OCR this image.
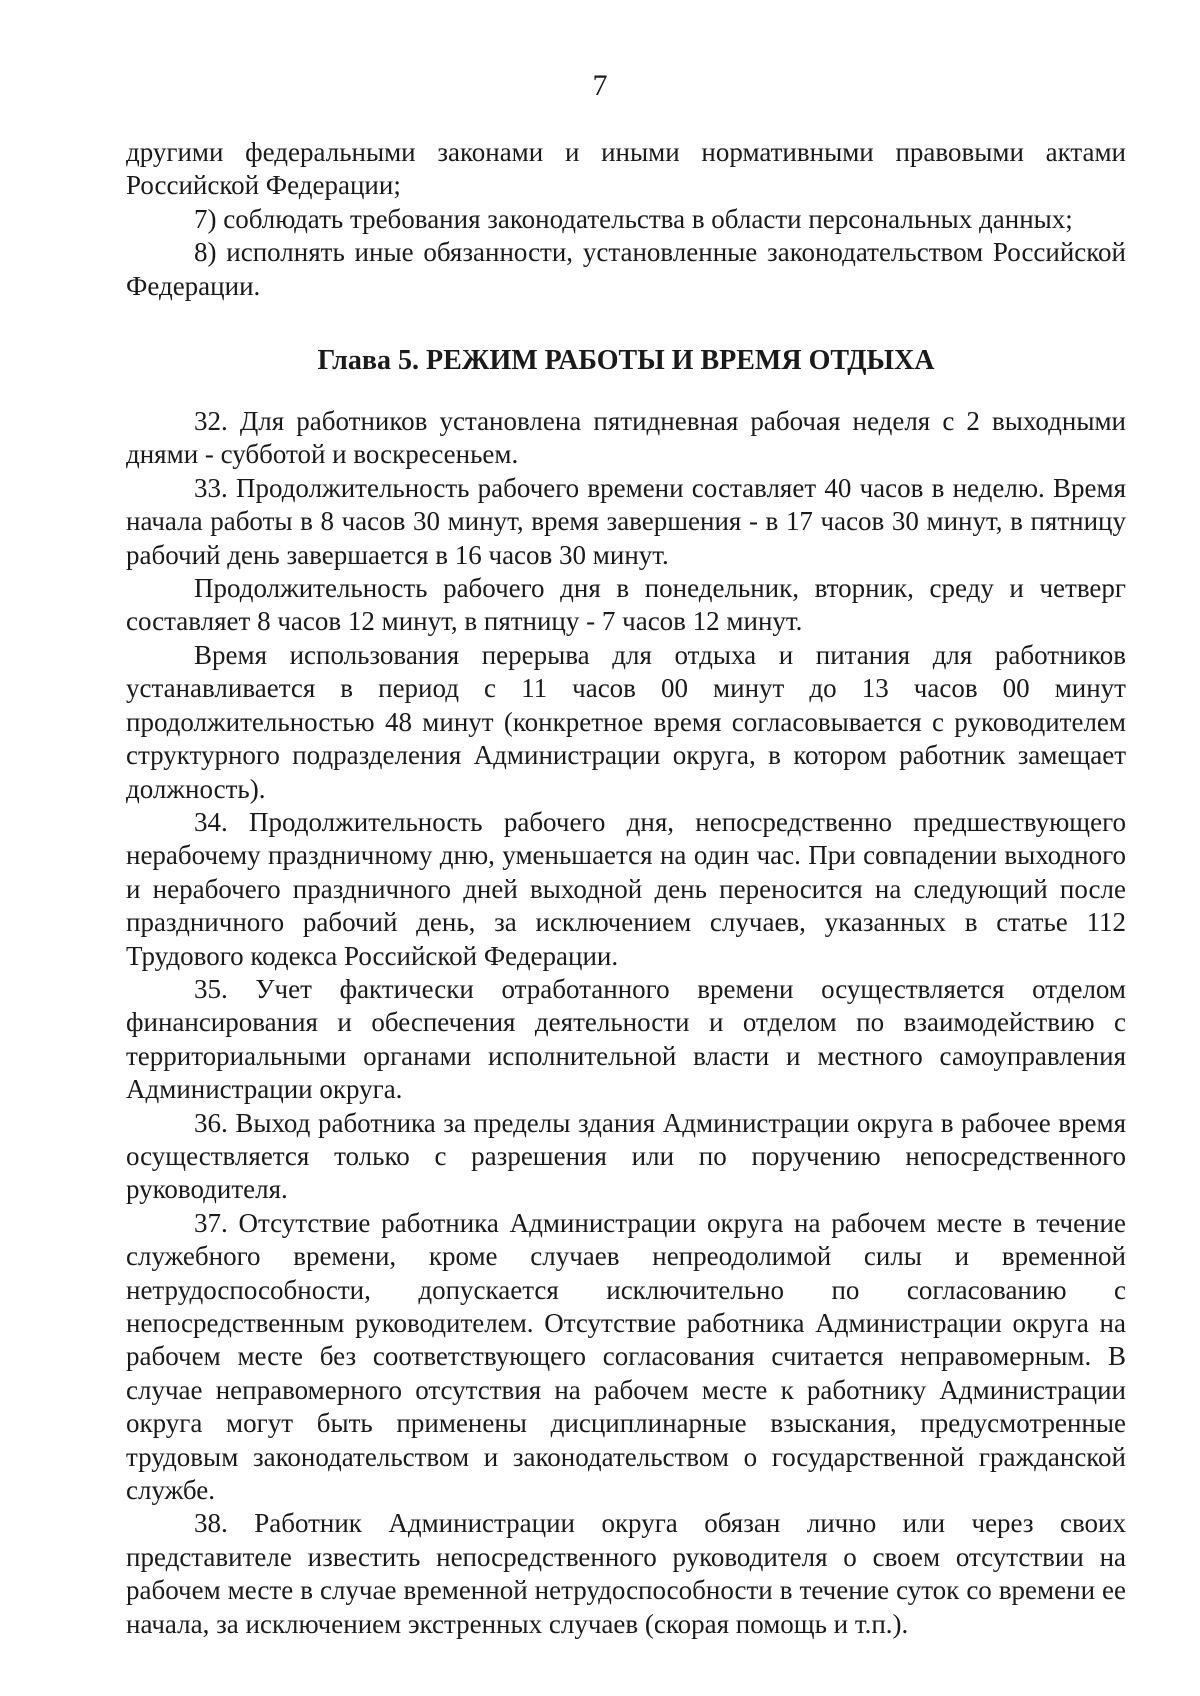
7

другими федеральными законами и иными нормативными правовыми актами Российской Федерации;

7) соблюдать требования законодательства в области персональных данных;

8) исполнять иные обязанности, установленные законодательством Российской Федерации.

Глава 5. РЕЖИМ РАБОТЫ И ВРЕМЯ ОТДЫХА

32. Для работников установлена пятидневная рабочая неделя с 2 выходными днями - субботой и воскресеньем.

33. Продолжительность рабочего времени составляет 40 часов в неделю. Время начала работы в 8 часов 30 минут, время завершения - в 17 часов 30 минут, в пятницу рабочий день завершается в 16 часов 30 минут.

Продолжительность рабочего дня в понедельник, вторник, среду и четверг составляет 8 часов 12 минут, в пятницу - 7 часов 12 минут.

Время использования перерыва для отдыха и питания для работников устанавливается в период с 11 часов 00 минут до 13 часов 00 минут продолжительностью 48 минут (конкретное время согласовывается с руководителем структурного подразделения Администрации округа, в котором работник замещает должность).

34. Продолжительность рабочего дня, непосредственно предшествующего нерабочему праздничному дню, уменьшается на один час. При совпадении выходного и нерабочего праздничного дней выходной день переносится на следующий после праздничного рабочий день, за исключением случаев, указанных в статье 112 Трудового кодекса Российской Федерации.

35. Учет фактически отработанного времени осуществляется отделом финансирования и обеспечения деятельности и отделом по взаимодействию с территориальными органами исполнительной власти и местного самоуправления Администрации округа.

36. Выход работника за пределы здания Администрации округа в рабочее время осуществляется только с разрешения или по поручению непосредственного руководителя.

37. Отсутствие работника Администрации округа на рабочем месте в течение служебного времени, кроме случаев непреодолимой силы и временной нетрудоспособности, допускается исключительно по согласованию с непосредственным руководителем. Отсутствие работника Администрации округа на рабочем месте без соответствующего согласования считается неправомерным. В случае неправомерного отсутствия на рабочем месте к работнику Администрации округа могут быть применены дисциплинарные взыскания, предусмотренные трудовым законодательством и законодательством о государственной гражданской службе.

38. Работник Администрации округа обязан лично или через своих представителе известить непосредственного руководителя о своем отсутствии на рабочем месте в случае временной нетрудоспособности в течение суток со времени ее начала, за исключением экстренных случаев (скорая помощь и т.п.).
